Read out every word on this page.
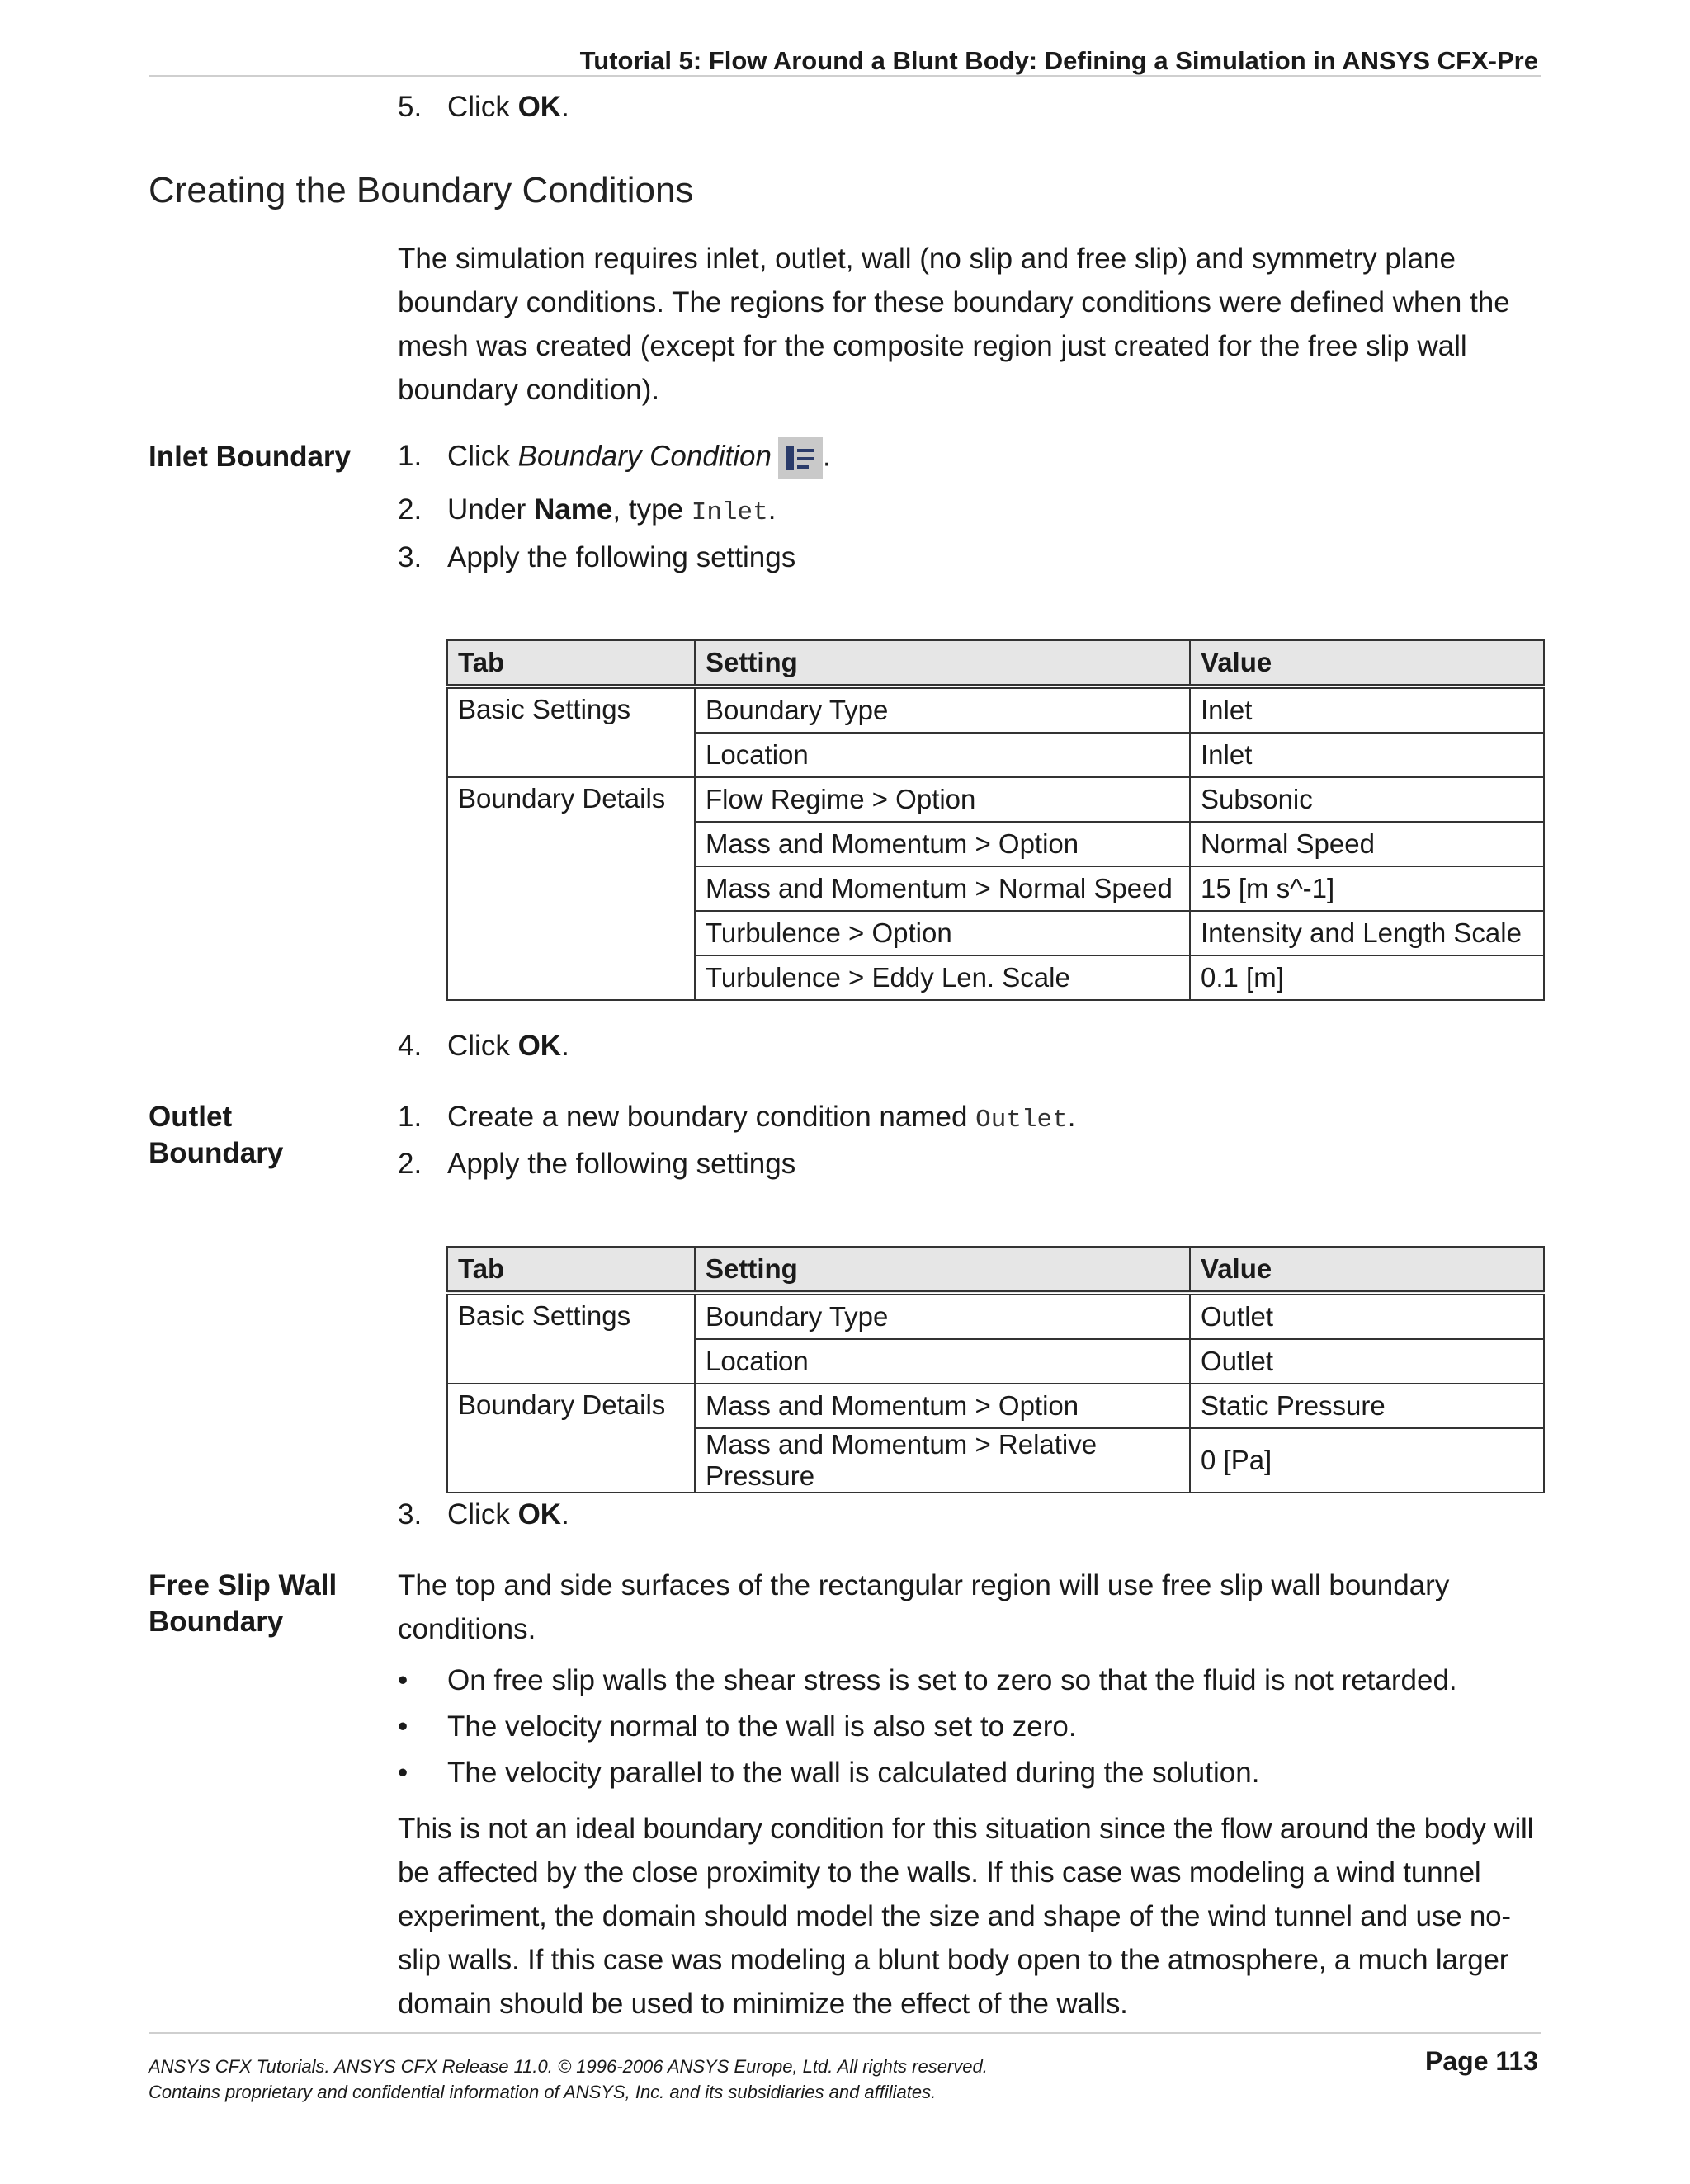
Tutorial 5: Flow Around a Blunt Body: Defining a Simulation in ANSYS CFX-Pre
5. Click OK.
Creating the Boundary Conditions
The simulation requires inlet, outlet, wall (no slip and free slip) and symmetry plane boundary conditions. The regions for these boundary conditions were defined when the mesh was created (except for the composite region just created for the free slip wall boundary condition).
Inlet Boundary 1. Click Boundary Condition .
2. Under Name, type Inlet.
3. Apply the following settings
Tab	Setting	Value
Basic Settings	Boundary Type	Inlet
	Location	Inlet
Boundary Details	Flow Regime > Option	Subsonic
	Mass and Momentum > Option	Normal Speed
	Mass and Momentum > Normal Speed	15 [m s^-1]
	Turbulence > Option	Intensity and Length Scale
	Turbulence > Eddy Len. Scale	0.1 [m]
4. Click OK.
Outlet
Boundary
1. Create a new boundary condition named Outlet.
2. Apply the following settings
Tab	Setting	Value
Basic Settings	Boundary Type	Outlet
	Location	Outlet
Boundary Details	Mass and Momentum > Option	Static Pressure
	Mass and Momentum > Relative Pressure	0 [Pa]
3. Click OK.
Free Slip Wall
Boundary
The top and side surfaces of the rectangular region will use free slip wall boundary conditions.
• On free slip walls the shear stress is set to zero so that the fluid is not retarded.
• The velocity normal to the wall is also set to zero.
• The velocity parallel to the wall is calculated during the solution.
This is not an ideal boundary condition for this situation since the flow around the body will be affected by the close proximity to the walls. If this case was modeling a wind tunnel experiment, the domain should model the size and shape of the wind tunnel and use no-slip walls. If this case was modeling a blunt body open to the atmosphere, a much larger domain should be used to minimize the effect of the walls.
ANSYS CFX Tutorials. ANSYS CFX Release 11.0. © 1996-2006 ANSYS Europe, Ltd. All rights reserved.
Contains proprietary and confidential information of ANSYS, Inc. and its subsidiaries and affiliates.
Page 113
